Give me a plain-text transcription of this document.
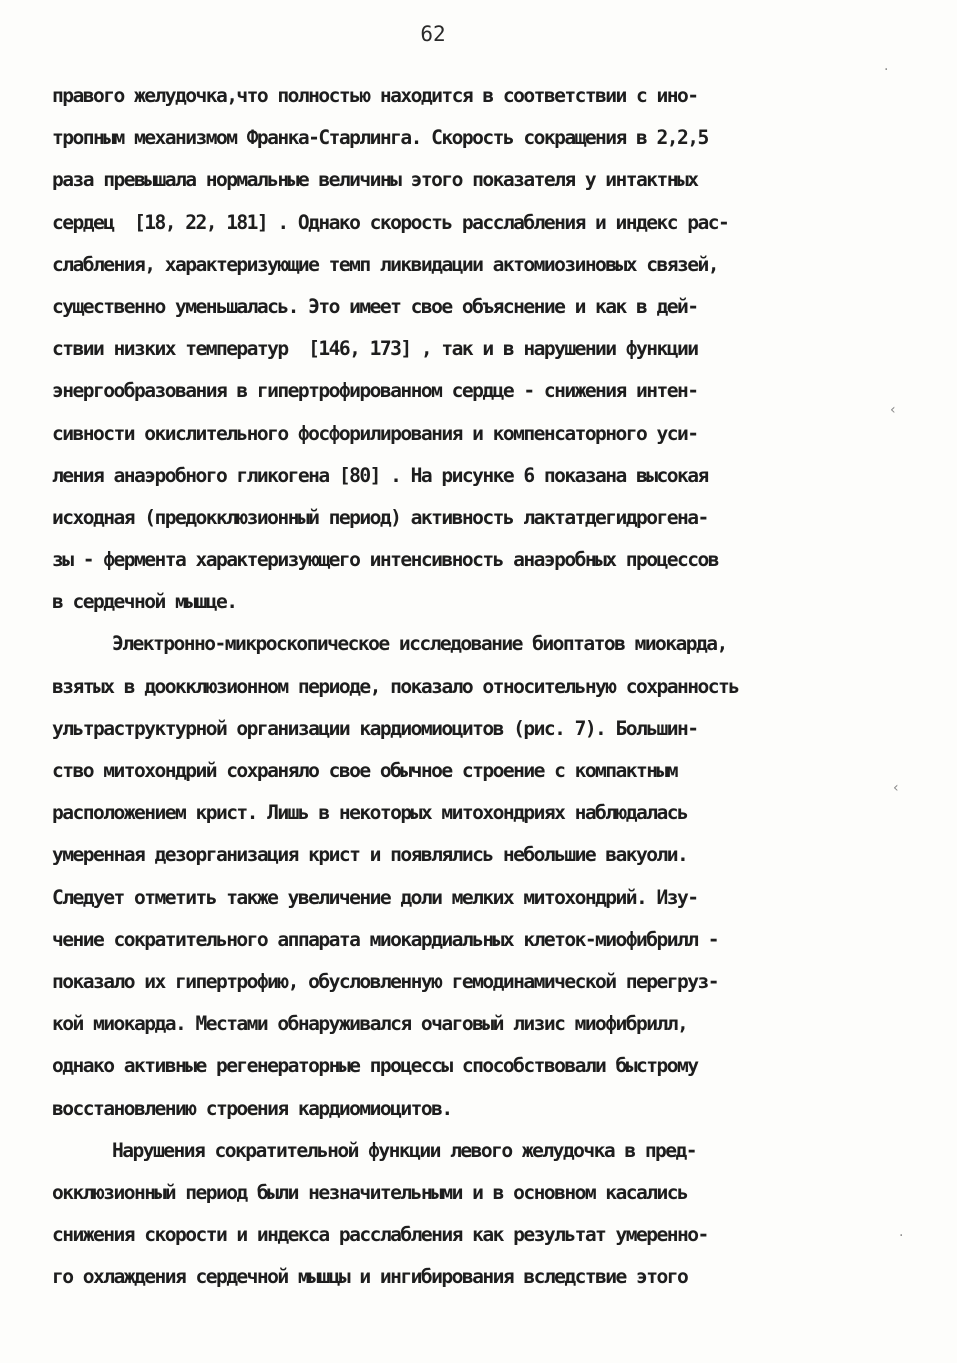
62
правого желудочка,что полностью находится в соответствии с ино-
тропным механизмом Франка-Старлинга. Скорость сокращения в 2,2,5
раза превышала нормальные величины этого показателя у интактных
сердец  [18, 22, 181] . Однако скорость расслабления и индекс рас-
слабления, характеризующие темп ликвидации актомиозиновых связей,
существенно уменьшалась. Это имеет свое объяснение и как в дей-
ствии низких температур  [146, 173] , так и в нарушении функции
энергообразования в гипертрофированном сердце - снижения интен-
сивности окислительного фосфорилирования и компенсаторного уси-
ления анаэробного гликогена [80] . На рисунке 6 показана высокая
исходная (предокклюзионный период) активность лактатдегидрогена-
зы - фермента характеризующего интенсивность анаэробных процессов
в сердечной мышце.
Электронно-микроскопическое исследование биоптатов миокарда,
взятых в доокклюзионном периоде, показало относительную сохранность
ультраструктурной организации кардиомиоцитов (рис. 7). Большин-
ство митохондрий сохраняло свое обычное строение с компактным
расположением крист. Лишь в некоторых митохондриях наблюдалась
умеренная дезорганизация крист и появлялись небольшие вакуоли.
Следует отметить также увеличение доли мелких митохондрий. Изу-
чение сократительного аппарата миокардиальных клеток-миофибрилл -
показало их гипертрофию, обусловленную гемодинамической перегруз-
кой миокарда. Местами обнаруживался очаговый лизис миофибрилл,
однако активные регенераторные процессы способствовали быстрому
восстановлению строения кардиомиоцитов.
Нарушения сократительной функции левого желудочка в пред-
окклюзионный период были незначительными и в основном касались
снижения скорости и индекса расслабления как результат умеренно-
го охлаждения сердечной мышцы и ингибирования вследствие этого
·
‹
‹
·
